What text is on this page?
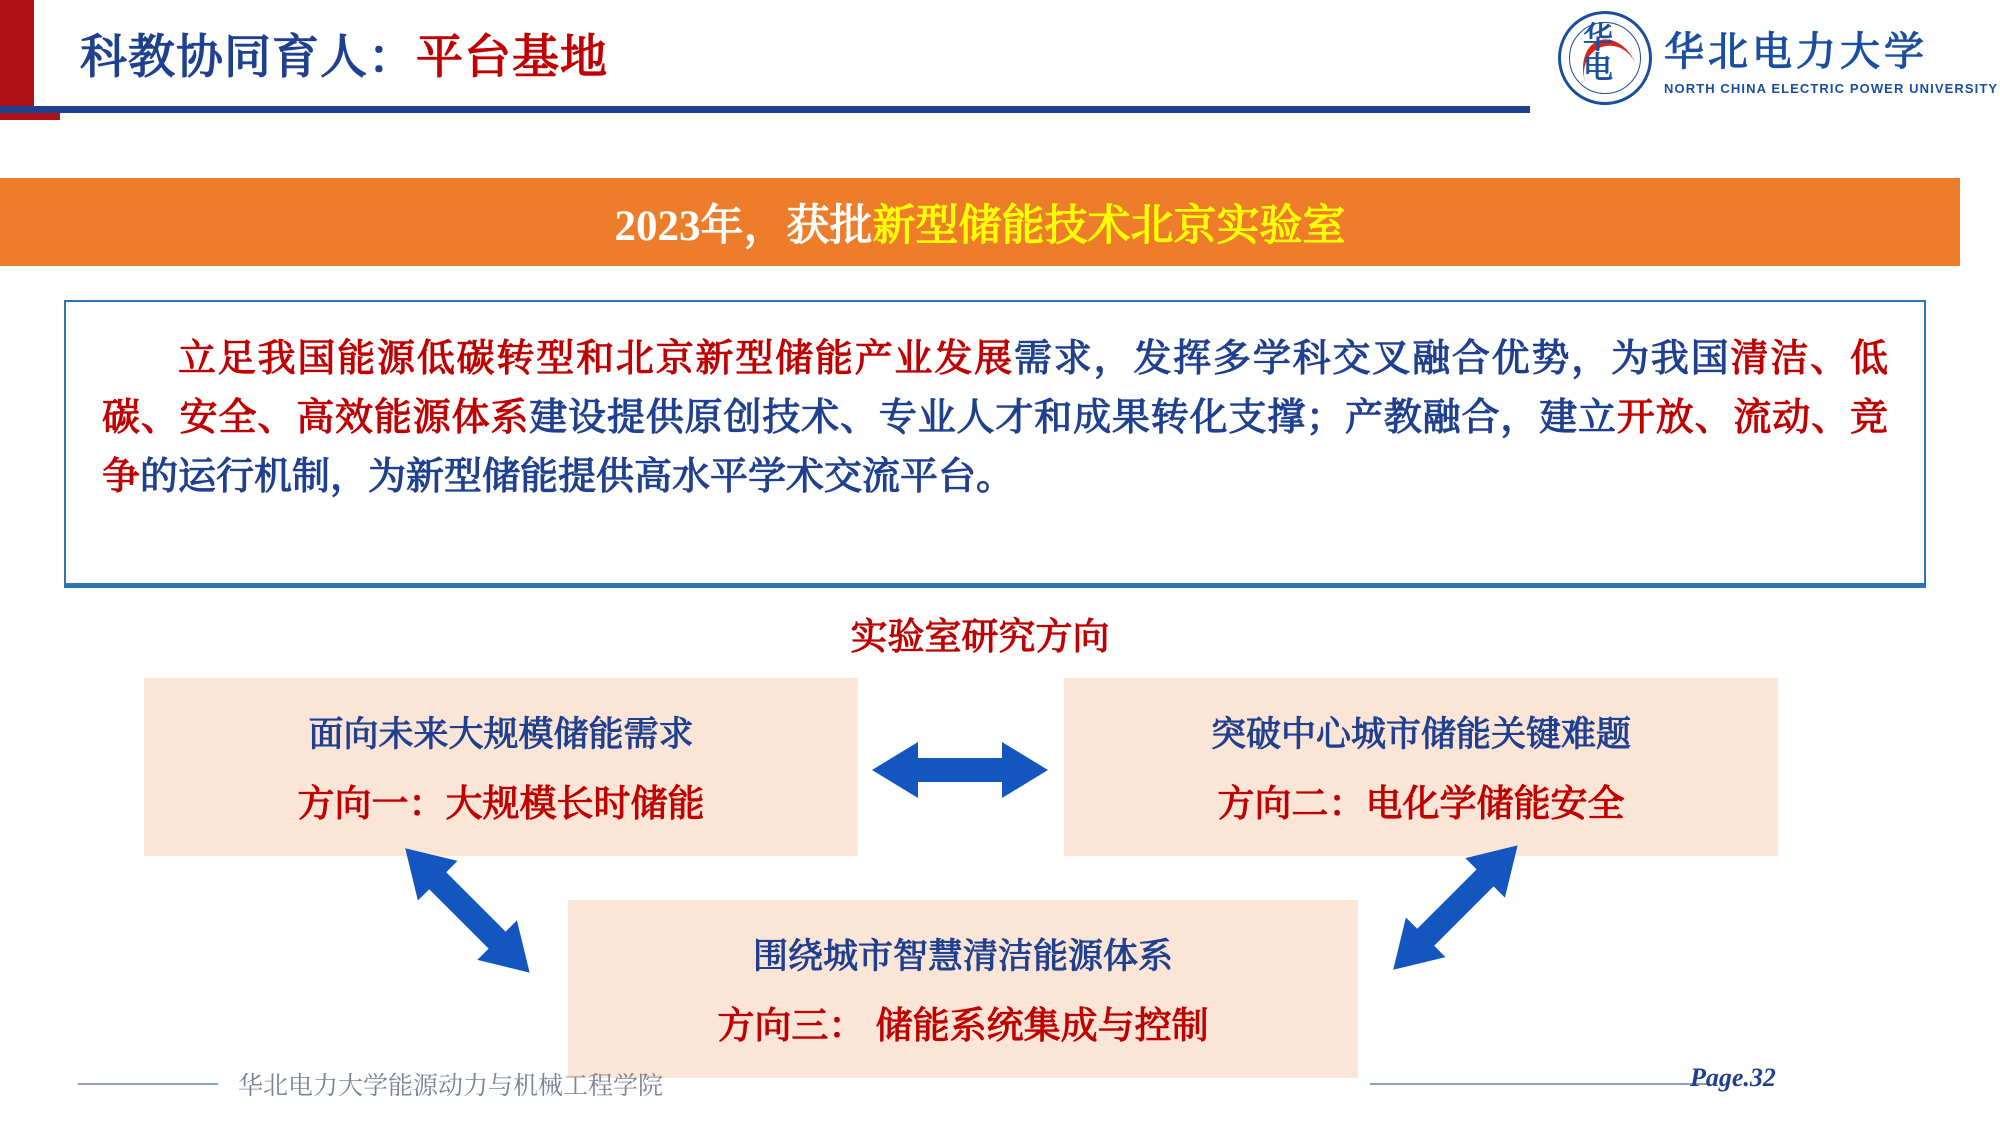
科教协同育人：平台基地	华电	华北电力大学
NORTH CHINA ELECTRIC POWER UNIVERSITY
2023年，获批新型储能技术北京实验室
立足我国能源低碳转型和北京新型储能产业发展需求，发挥多学科交叉融合优势，为我国清洁、低碳、安全、高效能源体系建设提供原创技术、专业人才和成果转化支撑；产教融合，建立开放、流动、竞争的运行机制，为新型储能提供高水平学术交流平台。
实验室研究方向
面向未来大规模储能需求
方向一：大规模长时储能
突破中心城市储能关键难题
方向二：电化学储能安全
围绕城市智慧清洁能源体系
方向三： 储能系统集成与控制
华北电力大学能源动力与机械工程学院	Page.32
